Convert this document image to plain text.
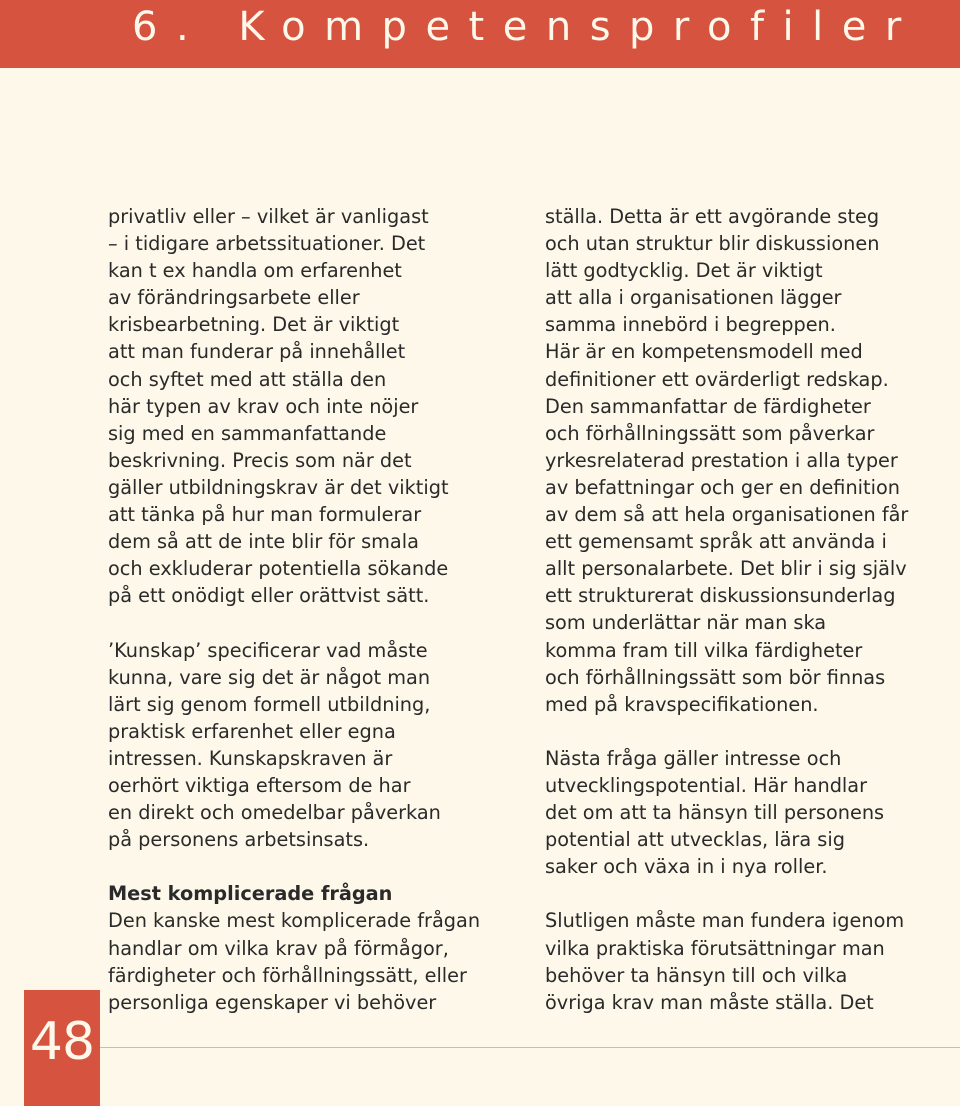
6. Kompetensprofiler

privatliv eller – vilket är vanligast
– i tidigare arbetssituationer. Det
kan t ex handla om erfarenhet
av förändringsarbete eller
krisbearbetning. Det är viktigt
att man funderar på innehållet
och syftet med att ställa den
här typen av krav och inte nöjer
sig med en sammanfattande
beskrivning. Precis som när det
gäller utbildningskrav är det viktigt
att tänka på hur man formulerar
dem så att de inte blir för smala
och exkluderar potentiella sökande
på ett onödigt eller orättvist sätt.

’Kunskap’ specificerar vad måste
kunna, vare sig det är något man
lärt sig genom formell utbildning,
praktisk erfarenhet eller egna
intressen. Kunskapskraven är
oerhört viktiga eftersom de har
en direkt och omedelbar påverkan
på personens arbetsinsats.

Mest komplicerade frågan
Den kanske mest komplicerade frågan
handlar om vilka krav på förmågor,
färdigheter och förhållningssätt, eller
personliga egenskaper vi behöver

ställa. Detta är ett avgörande steg
och utan struktur blir diskussionen
lätt godtycklig. Det är viktigt
att alla i organisationen lägger
samma innebörd i begreppen.
Här är en kompetensmodell med
definitioner ett ovärderligt redskap.
Den sammanfattar de färdigheter
och förhållningssätt som påverkar
yrkesrelaterad prestation i alla typer
av befattningar och ger en definition
av dem så att hela organisationen får
ett gemensamt språk att använda i
allt personalarbete. Det blir i sig själv
ett strukturerat diskussionsunderlag
som underlättar när man ska
komma fram till vilka färdigheter
och förhållningssätt som bör finnas
med på kravspecifikationen.

Nästa fråga gäller intresse och
utvecklingspotential. Här handlar
det om att ta hänsyn till personens
potential att utvecklas, lära sig
saker och växa in i nya roller.

Slutligen måste man fundera igenom
vilka praktiska förutsättningar man
behöver ta hänsyn till och vilka
övriga krav man måste ställa. Det

48
